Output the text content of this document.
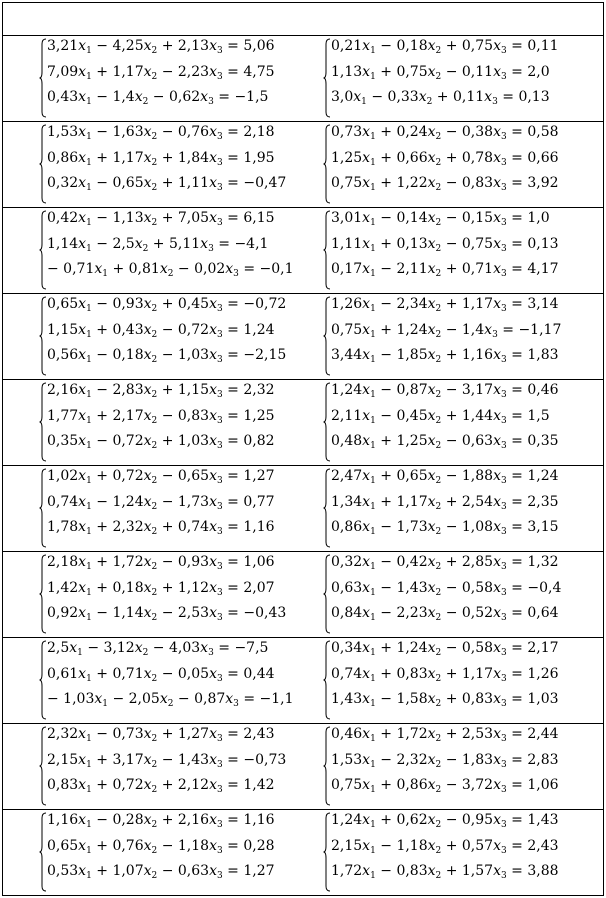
$3,21x_1 - 4,25x_2 + 2,13x_3 = 5,06$
$7,09x_1 + 1,17x_2 - 2,23x_3 = 4,75$
$0,43x_1 - 1,4x_2 - 0,62x_3 = -1,5$
$0,21x_1 - 0,18x_2 + 0,75x_3 = 0,11$
$1,13x_1 + 0,75x_2 - 0,11x_3 = 2,0$
$3,0x_1 - 0,33x_2 + 0,11x_3 = 0,13$
$1,53x_1 - 1,63x_2 - 0,76x_3 = 2,18$
$0,86x_1 + 1,17x_2 + 1,84x_3 = 1,95$
$0,32x_1 - 0,65x_2 + 1,11x_3 = -0,47$
$0,73x_1 + 0,24x_2 - 0,38x_3 = 0,58$
$1,25x_1 + 0,66x_2 + 0,78x_3 = 0,66$
$0,75x_1 + 1,22x_2 - 0,83x_3 = 3,92$
$0,42x_1 - 1,13x_2 + 7,05x_3 = 6,15$
$1,14x_1 - 2,5x_2 + 5,11x_3 = -4,1$
− $0,71x_1 + 0,81x_2 - 0,02x_3 = -0,1$
$3,01x_1 - 0,14x_2 - 0,15x_3 = 1,0$
$1,11x_1 + 0,13x_2 - 0,75x_3 = 0,13$
$0,17x_1 - 2,11x_2 + 0,71x_3 = 4,17$
$0,65x_1 - 0,93x_2 + 0,45x_3 = -0,72$
$1,15x_1 + 0,43x_2 - 0,72x_3 = 1,24$
$0,56x_1 - 0,18x_2 - 1,03x_3 = -2,15$
$1,26x_1 - 2,34x_2 + 1,17x_3 = 3,14$
$0,75x_1 + 1,24x_2 - 1,4x_3 = -1,17$
$3,44x_1 - 1,85x_2 + 1,16x_3 = 1,83$
$2,16x_1 - 2,83x_2 + 1,15x_3 = 2,32$
$1,77x_1 + 2,17x_2 - 0,83x_3 = 1,25$
$0,35x_1 - 0,72x_2 + 1,03x_3 = 0,82$
$1,24x_1 - 0,87x_2 - 3,17x_3 = 0,46$
$2,11x_1 - 0,45x_2 + 1,44x_3 = 1,5$
$0,48x_1 + 1,25x_2 - 0,63x_3 = 0,35$
$1,02x_1 + 0,72x_2 - 0,65x_3 = 1,27$
$0,74x_1 - 1,24x_2 - 1,73x_3 = 0,77$
$1,78x_1 + 2,32x_2 + 0,74x_3 = 1,16$
$2,47x_1 + 0,65x_2 - 1,88x_3 = 1,24$
$1,34x_1 + 1,17x_2 + 2,54x_3 = 2,35$
$0,86x_1 - 1,73x_2 - 1,08x_3 = 3,15$
$2,18x_1 + 1,72x_2 - 0,93x_3 = 1,06$
$1,42x_1 + 0,18x_2 + 1,12x_3 = 2,07$
$0,92x_1 - 1,14x_2 - 2,53x_3 = -0,43$
$0,32x_1 - 0,42x_2 + 2,85x_3 = 1,32$
$0,63x_1 - 1,43x_2 - 0,58x_3 = -0,4$
$0,84x_1 - 2,23x_2 - 0,52x_3 = 0,64$
$2,5x_1 - 3,12x_2 - 4,03x_3 = -7,5$
$0,61x_1 + 0,71x_2 - 0,05x_3 = 0,44$
− $1,03x_1 - 2,05x_2 - 0,87x_3 = -1,1$
$0,34x_1 + 1,24x_2 - 0,58x_3 = 2,17$
$0,74x_1 + 0,83x_2 + 1,17x_3 = 1,26$
$1,43x_1 - 1,58x_2 + 0,83x_3 = 1,03$
$2,32x_1 - 0,73x_2 + 1,27x_3 = 2,43$
$2,15x_1 + 3,17x_2 - 1,43x_3 = -0,73$
$0,83x_1 + 0,72x_2 + 2,12x_3 = 1,42$
$0,46x_1 + 1,72x_2 + 2,53x_3 = 2,44$
$1,53x_1 - 2,32x_2 - 1,83x_3 = 2,83$
$0,75x_1 + 0,86x_2 - 3,72x_3 = 1,06$
$1,16x_1 - 0,28x_2 + 2,16x_3 = 1,16$
$0,65x_1 + 0,76x_2 - 1,18x_3 = 0,28$
$0,53x_1 + 1,07x_2 - 0,63x_3 = 1,27$
$1,24x_1 + 0,62x_2 - 0,95x_3 = 1,43$
$2,15x_1 - 1,18x_2 + 0,57x_3 = 2,43$
$1,72x_1 - 0,83x_2 + 1,57x_3 = 3,88$
